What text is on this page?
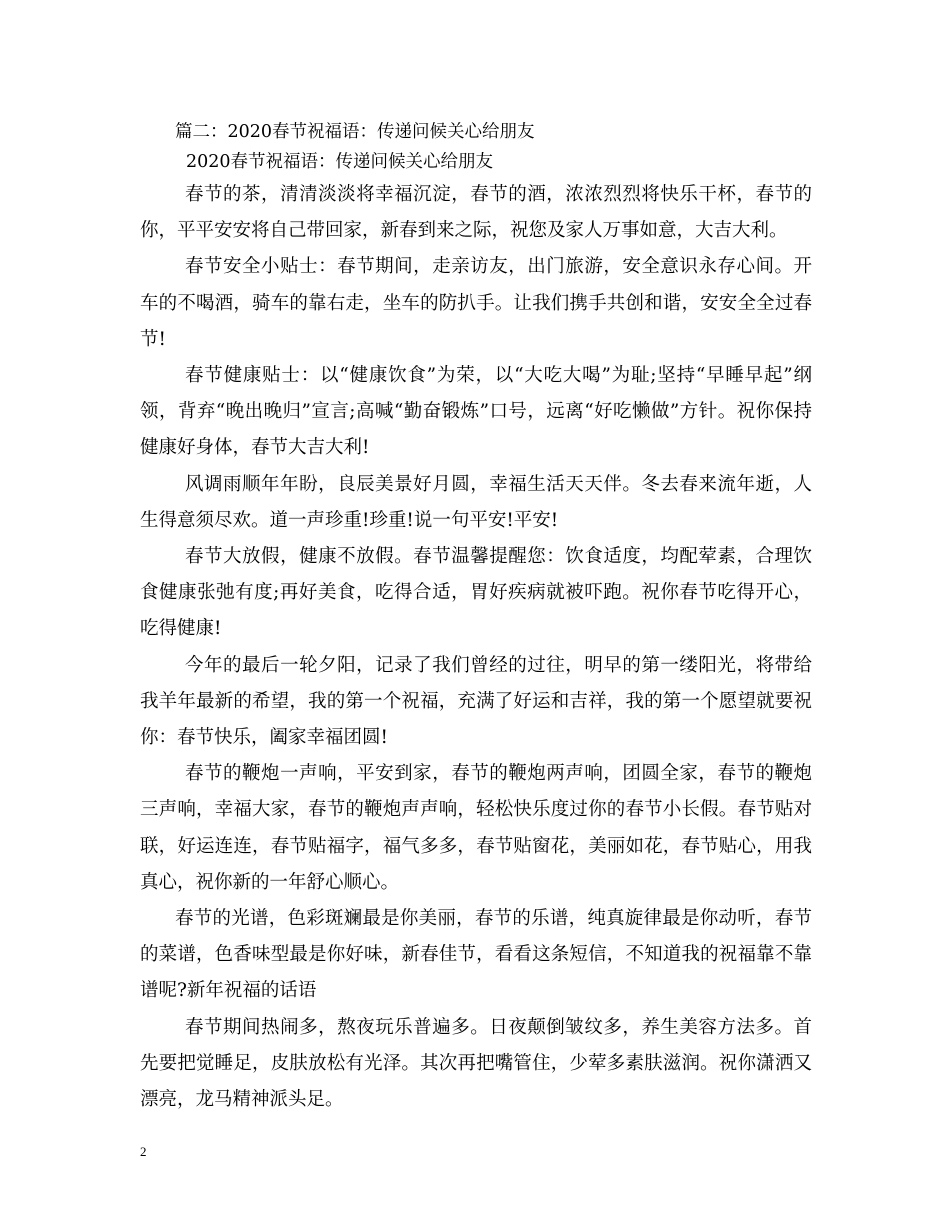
篇二：2020春节祝福语：传递问候关心给朋友

2020春节祝福语：传递问候关心给朋友

春节的茶，清清淡淡将幸福沉淀，春节的酒，浓浓烈烈将快乐干杯，春节的你，平平安安将自己带回家，新春到来之际，祝您及家人万事如意，大吉大利。

春节安全小贴士：春节期间，走亲访友，出门旅游，安全意识永存心间。开车的不喝酒，骑车的靠右走，坐车的防扒手。让我们携手共创和谐，安安全全过春节!

春节健康贴士：以“健康饮食”为荣，以“大吃大喝”为耻;坚持“早睡早起”纲领，背弃“晚出晚归”宣言;高喊“勤奋锻炼”口号，远离“好吃懒做”方针。祝你保持健康好身体，春节大吉大利!

风调雨顺年年盼，良辰美景好月圆，幸福生活天天伴。冬去春来流年逝，人生得意须尽欢。道一声珍重!珍重!说一句平安!平安!

春节大放假，健康不放假。春节温馨提醒您：饮食适度，均配荤素，合理饮食健康张弛有度;再好美食，吃得合适，胃好疾病就被吓跑。祝你春节吃得开心，吃得健康!

今年的最后一轮夕阳，记录了我们曾经的过往，明早的第一缕阳光，将带给我羊年最新的希望，我的第一个祝福，充满了好运和吉祥，我的第一个愿望就要祝你：春节快乐，阖家幸福团圆!

春节的鞭炮一声响，平安到家，春节的鞭炮两声响，团圆全家，春节的鞭炮三声响，幸福大家，春节的鞭炮声声响，轻松快乐度过你的春节小长假。春节贴对联，好运连连，春节贴福字，福气多多，春节贴窗花，美丽如花，春节贴心，用我真心，祝你新的一年舒心顺心。

春节的光谱，色彩斑斓最是你美丽，春节的乐谱，纯真旋律最是你动听，春节的菜谱，色香味型最是你好味，新春佳节，看看这条短信，不知道我的祝福靠不靠谱呢?新年祝福的话语

春节期间热闹多，熬夜玩乐普遍多。日夜颠倒皱纹多，养生美容方法多。首先要把觉睡足，皮肤放松有光泽。其次再把嘴管住，少荤多素肤滋润。祝你潇洒又漂亮，龙马精神派头足。

2
